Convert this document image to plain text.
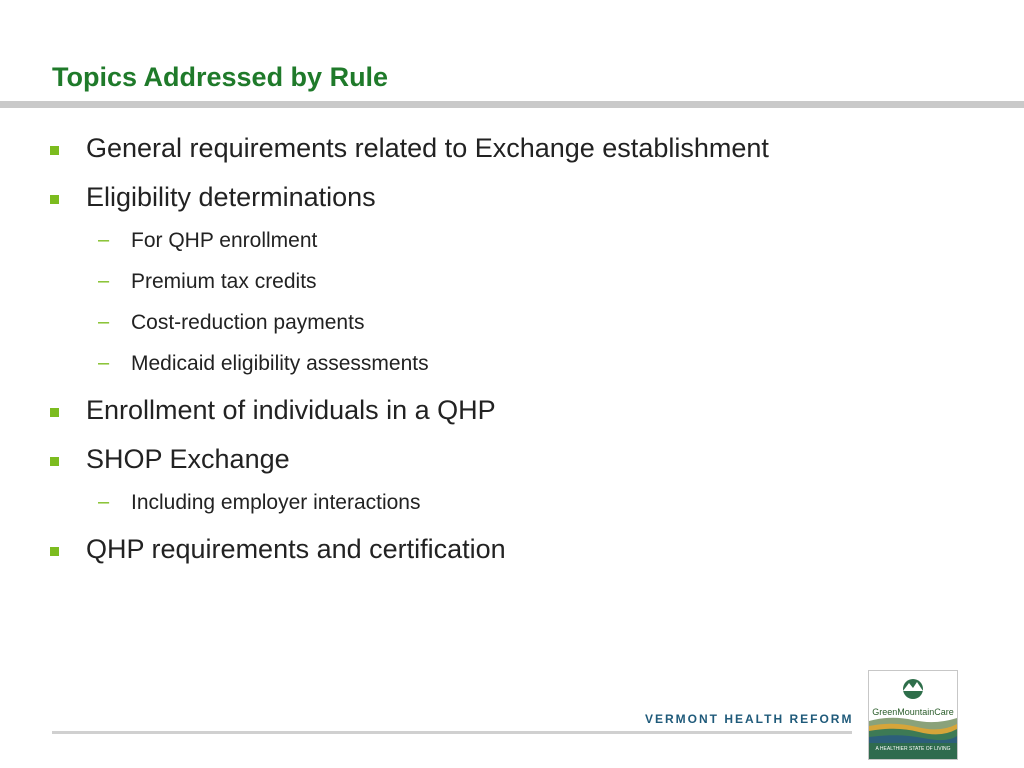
Topics Addressed by Rule
General requirements related to Exchange establishment
Eligibility determinations
– For QHP enrollment
– Premium tax credits
– Cost-reduction payments
– Medicaid eligibility assessments
Enrollment of individuals in a QHP
SHOP Exchange
– Including employer interactions
QHP requirements and certification
VERMONT HEALTH REFORM	GreenMountainCare
A HEALTHIER STATE OF LIVING
